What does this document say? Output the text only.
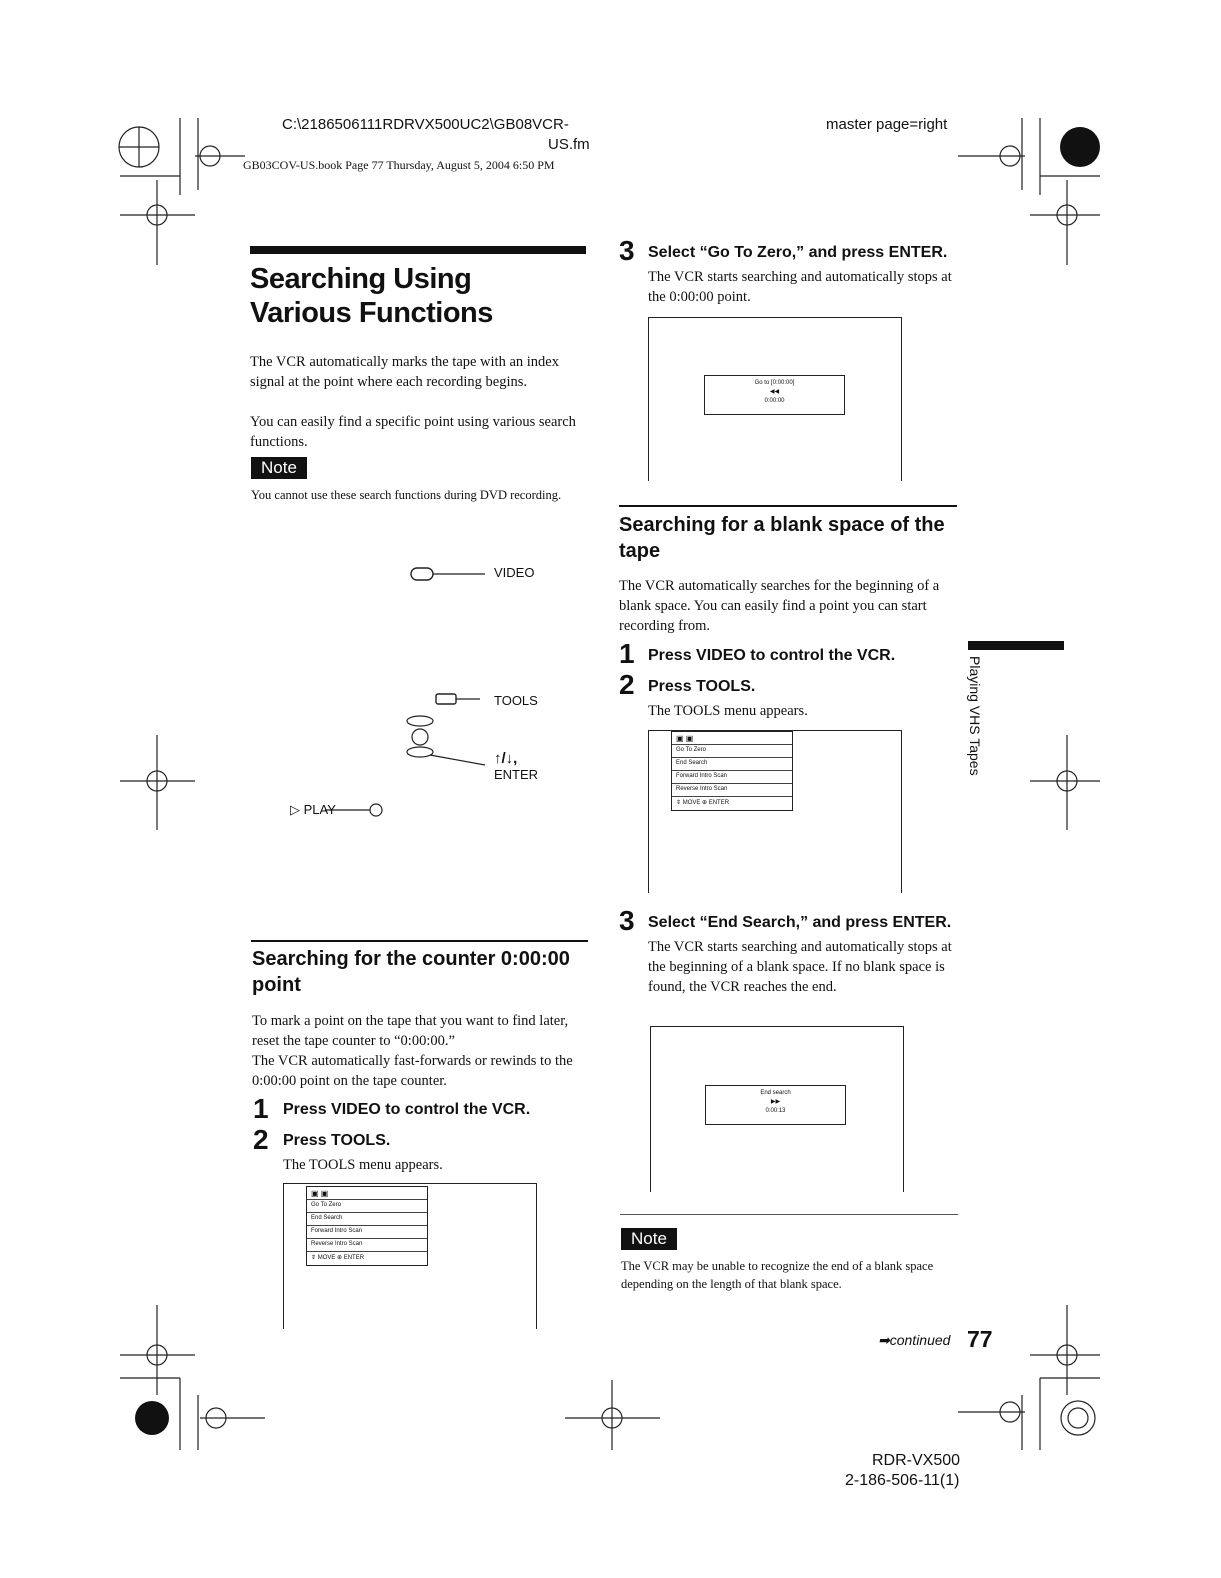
C:\2186506111RDRVX500UC2\GB08VCR-
US.fm
GB03COV-US.book Page 77 Thursday, August 5, 2004 6:50 PM
master page=right
Searching Using Various Functions
The VCR automatically marks the tape with an index signal at the point where each recording begins.
You can easily find a specific point using various search functions.
Note
You cannot use these search functions during DVD recording.
VIDEO
TOOLS
↑/↓,
ENTER
▷ PLAY
Searching for the counter 0:00:00 point
To mark a point on the tape that you want to find later, reset the tape counter to “0:00:00.”
The VCR automatically fast-forwards or rewinds to the 0:00:00 point on the tape counter.
1 Press VIDEO to control the VCR.
2 Press TOOLS.
The TOOLS menu appears.
▣ ▣
Go To Zero
End Search
Forward Intro Scan
Reverse Intro Scan
⇕ MOVE ⊕ ENTER
3 Select “Go To Zero,” and press ENTER.
The VCR starts searching and automatically stops at the 0:00:00 point.
Go to [0:00:00]
◀◀
0:00:00
Searching for a blank space of the tape
The VCR automatically searches for the beginning of a blank space. You can easily find a point you can start recording from.
1 Press VIDEO to control the VCR.
2 Press TOOLS.
The TOOLS menu appears.
▣ ▣
Go To Zero
End Search
Forward Intro Scan
Reverse Intro Scan
⇕ MOVE ⊕ ENTER
3 Select “End Search,” and press ENTER.
The VCR starts searching and automatically stops at the beginning of a blank space. If no blank space is found, the VCR reaches the end.
End search
▶▶
0:00:13
Note
The VCR may be unable to recognize the end of a blank space depending on the length of that blank space.
Playing VHS Tapes
➡continued 77
RDR-VX500
2-186-506-11(1)
